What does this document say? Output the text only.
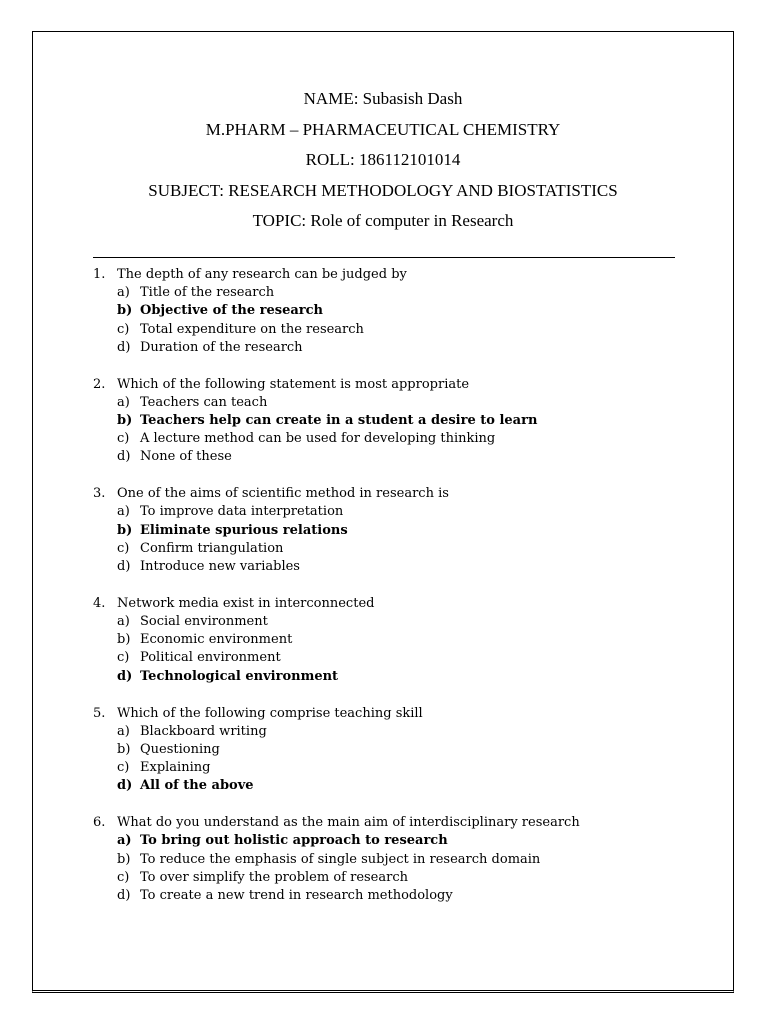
NAME: Subasish Dash
M.PHARM – PHARMACEUTICAL CHEMISTRY
ROLL: 186112101014
SUBJECT: RESEARCH METHODOLOGY AND BIOSTATISTICS
TOPIC: Role of computer in Research
1. The depth of any research can be judged by
a) Title of the research
b) Objective of the research
c) Total expenditure on the research
d) Duration of the research
2. Which of the following statement is most appropriate
a) Teachers can teach
b) Teachers help can create in a student a desire to learn
c) A lecture method can be used for developing thinking
d) None of these
3. One of the aims of scientific method in research is
a) To improve data interpretation
b) Eliminate spurious relations
c) Confirm triangulation
d) Introduce new variables
4. Network media exist in interconnected
a) Social environment
b) Economic environment
c) Political environment
d) Technological environment
5. Which of the following comprise teaching skill
a) Blackboard writing
b) Questioning
c) Explaining
d) All of the above
6. What do you understand as the main aim of interdisciplinary research
a) To bring out holistic approach to research
b) To reduce the emphasis of single subject in research domain
c) To over simplify the problem of research
d) To create a new trend in research methodology
